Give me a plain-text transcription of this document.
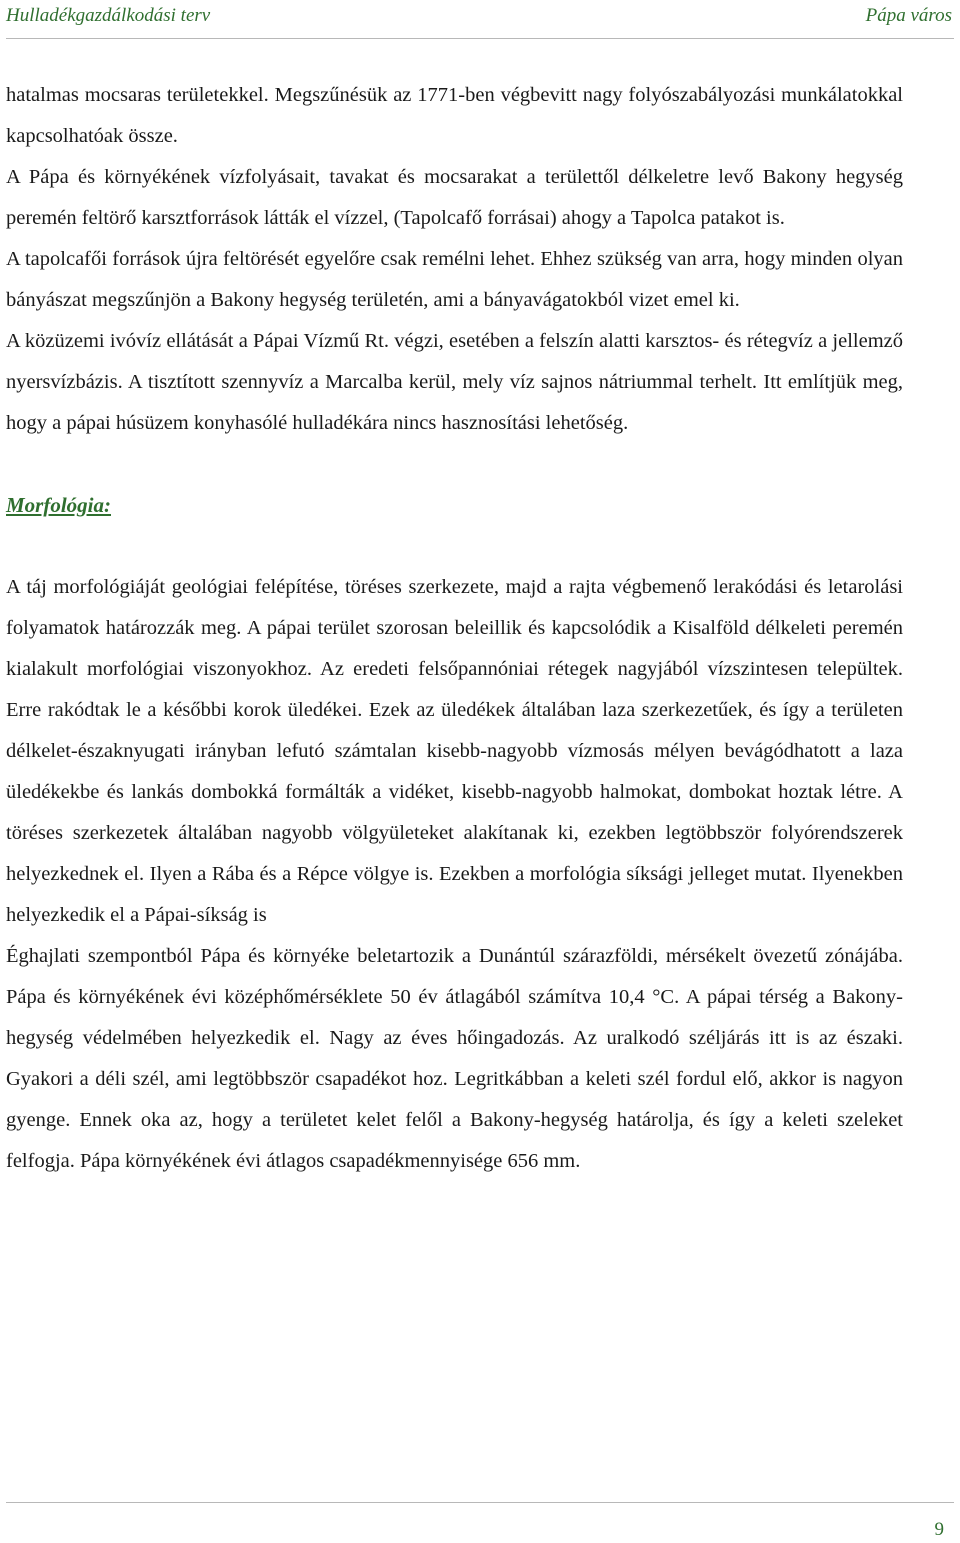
Hulladékgazdálkodási terv	Pápa város

hatalmas mocsaras területekkel. Megszűnésük az 1771-ben végbevitt nagy folyószabályozási munkálatokkal kapcsolhatóak össze.

A Pápa és környékének vízfolyásait, tavakat és mocsarakat a területtől délkeletre levő Bakony hegység peremén feltörő karsztforrások látták el vízzel, (Tapolcafő forrásai) ahogy a Tapolca patakot is.

A tapolcafői források újra feltörését egyelőre csak remélni lehet. Ehhez szükség van arra, hogy minden olyan bányászat megszűnjön a Bakony hegység területén, ami a bányavágatokból vizet emel ki.

A közüzemi ivóvíz ellátását a Pápai Vízmű Rt. végzi, esetében a felszín alatti karsztos- és rétegvíz a jellemző nyersvízbázis. A tisztított szennyvíz a Marcalba kerül, mely víz sajnos nátriummal terhelt. Itt említjük meg, hogy a pápai húsüzem konyhasólé hulladékára nincs hasznosítási lehetőség.

Morfológia:

A táj morfológiáját geológiai felépítése, töréses szerkezete, majd a rajta végbemenő lerakódási és letarolási folyamatok határozzák meg. A pápai terület szorosan beleillik és kapcsolódik a Kisalföld délkeleti peremén kialakult morfológiai viszonyokhoz. Az eredeti felsőpannóniai rétegek nagyjából vízszintesen települtek. Erre rakódtak le a későbbi korok üledékei. Ezek az üledékek általában laza szerkezetűek, és így a területen délkelet-északnyugati irányban lefutó számtalan kisebb-nagyobb vízmosás mélyen bevágódhatott a laza üledékekbe és lankás dombokká formálták a vidéket, kisebb-nagyobb halmokat, dombokat hoztak létre. A töréses szerkezetek általában nagyobb völgyületeket alakítanak ki, ezekben legtöbbször folyórendszerek helyezkednek el. Ilyen a Rába és a Répce völgye is. Ezekben a morfológia síksági jelleget mutat. Ilyenekben helyezkedik el a Pápai-síkság is

Éghajlati szempontból Pápa és környéke beletartozik a Dunántúl szárazföldi, mérsékelt övezetű zónájába. Pápa és környékének évi középhőmérséklete 50 év átlagából számítva 10,4 °C. A pápai térség a Bakony-hegység védelmében helyezkedik el. Nagy az éves hőingadozás. Az uralkodó széljárás itt is az északi. Gyakori a déli szél, ami legtöbbször csapadékot hoz. Legritkábban a keleti szél fordul elő, akkor is nagyon gyenge. Ennek oka az, hogy a területet kelet felől a Bakony-hegység határolja, és így a keleti szeleket felfogja. Pápa környékének évi átlagos csapadékmennyisége 656 mm.

9
